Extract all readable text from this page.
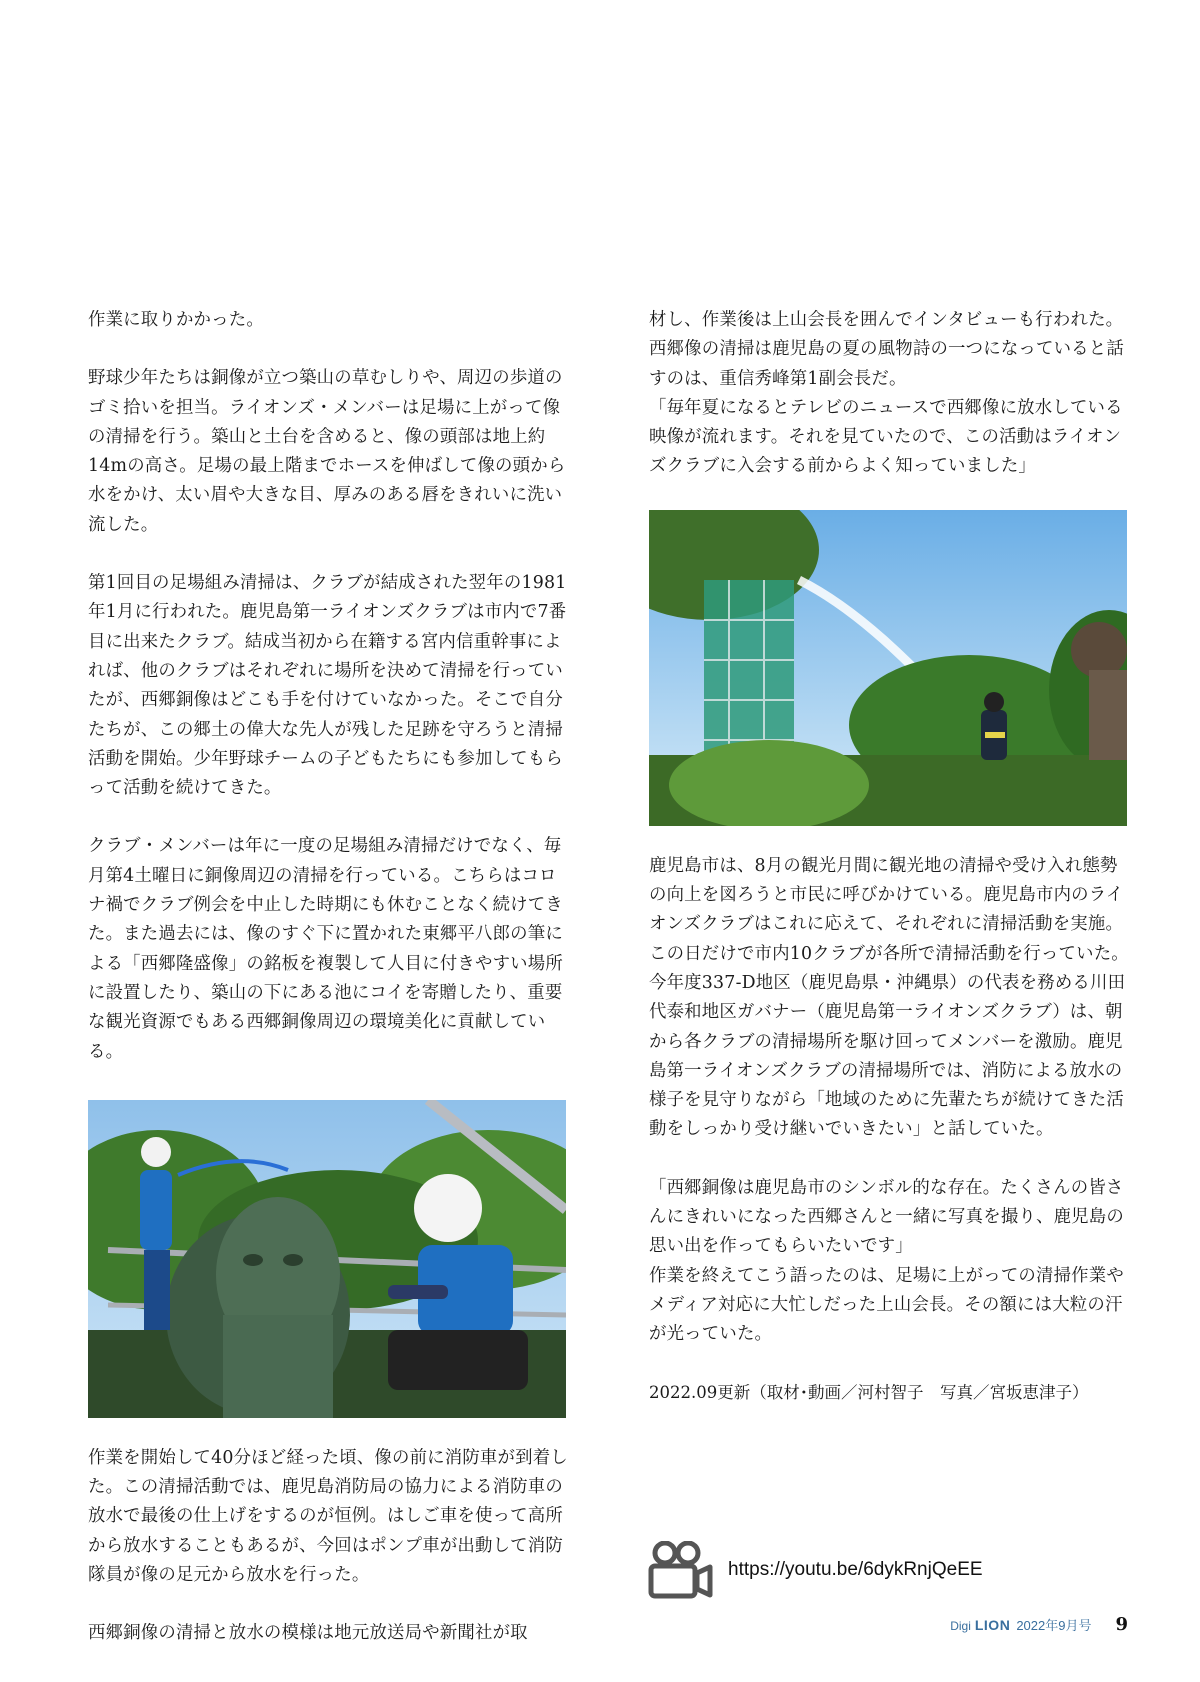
作業に取りかかった。

野球少年たちは銅像が立つ築山の草むしりや、周辺の歩道のゴミ拾いを担当。ライオンズ・メンバーは足場に上がって像の清掃を行う。築山と土台を含めると、像の頭部は地上約14mの高さ。足場の最上階までホースを伸ばして像の頭から水をかけ、太い眉や大きな目、厚みのある唇をきれいに洗い流した。

第1回目の足場組み清掃は、クラブが結成された翌年の1981年1月に行われた。鹿児島第一ライオンズクラブは市内で7番目に出来たクラブ。結成当初から在籍する宮内信重幹事によれば、他のクラブはそれぞれに場所を決めて清掃を行っていたが、西郷銅像はどこも手を付けていなかった。そこで自分たちが、この郷土の偉大な先人が残した足跡を守ろうと清掃活動を開始。少年野球チームの子どもたちにも参加してもらって活動を続けてきた。

クラブ・メンバーは年に一度の足場組み清掃だけでなく、毎月第4土曜日に銅像周辺の清掃を行っている。こちらはコロナ禍でクラブ例会を中止した時期にも休むことなく続けてきた。また過去には、像のすぐ下に置かれた東郷平八郎の筆による「西郷隆盛像」の銘板を複製して人目に付きやすい場所に設置したり、築山の下にある池にコイを寄贈したり、重要な観光資源でもある西郷銅像周辺の環境美化に貢献している。

作業を開始して40分ほど経った頃、像の前に消防車が到着した。この清掃活動では、鹿児島消防局の協力による消防車の放水で最後の仕上げをするのが恒例。はしご車を使って高所から放水することもあるが、今回はポンプ車が出動して消防隊員が像の足元から放水を行った。

西郷銅像の清掃と放水の模様は地元放送局や新聞社が取

材し、作業後は上山会長を囲んでインタビューも行われた。西郷像の清掃は鹿児島の夏の風物詩の一つになっていると話すのは、重信秀峰第1副会長だ。

「毎年夏になるとテレビのニュースで西郷像に放水している映像が流れます。それを見ていたので、この活動はライオンズクラブに入会する前からよく知っていました」

鹿児島市は、8月の観光月間に観光地の清掃や受け入れ態勢の向上を図ろうと市民に呼びかけている。鹿児島市内のライオンズクラブはこれに応えて、それぞれに清掃活動を実施。この日だけで市内10クラブが各所で清掃活動を行っていた。今年度337-D地区（鹿児島県・沖縄県）の代表を務める川田代泰和地区ガバナー（鹿児島第一ライオンズクラブ）は、朝から各クラブの清掃場所を駆け回ってメンバーを激励。鹿児島第一ライオンズクラブの清掃場所では、消防による放水の様子を見守りながら「地域のために先輩たちが続けてきた活動をしっかり受け継いでいきたい」と話していた。

「西郷銅像は鹿児島市のシンボル的な存在。たくさんの皆さんにきれいになった西郷さんと一緒に写真を撮り、鹿児島の思い出を作ってもらいたいです」

作業を終えてこう語ったのは、足場に上がっての清掃作業やメディア対応に大忙しだった上山会長。その額には大粒の汗が光っていた。

2022.09更新（取材･動画／河村智子　写真／宮坂恵津子）

https://youtu.be/6dykRnjQeEE
Digi LION 2022年9月号 9
